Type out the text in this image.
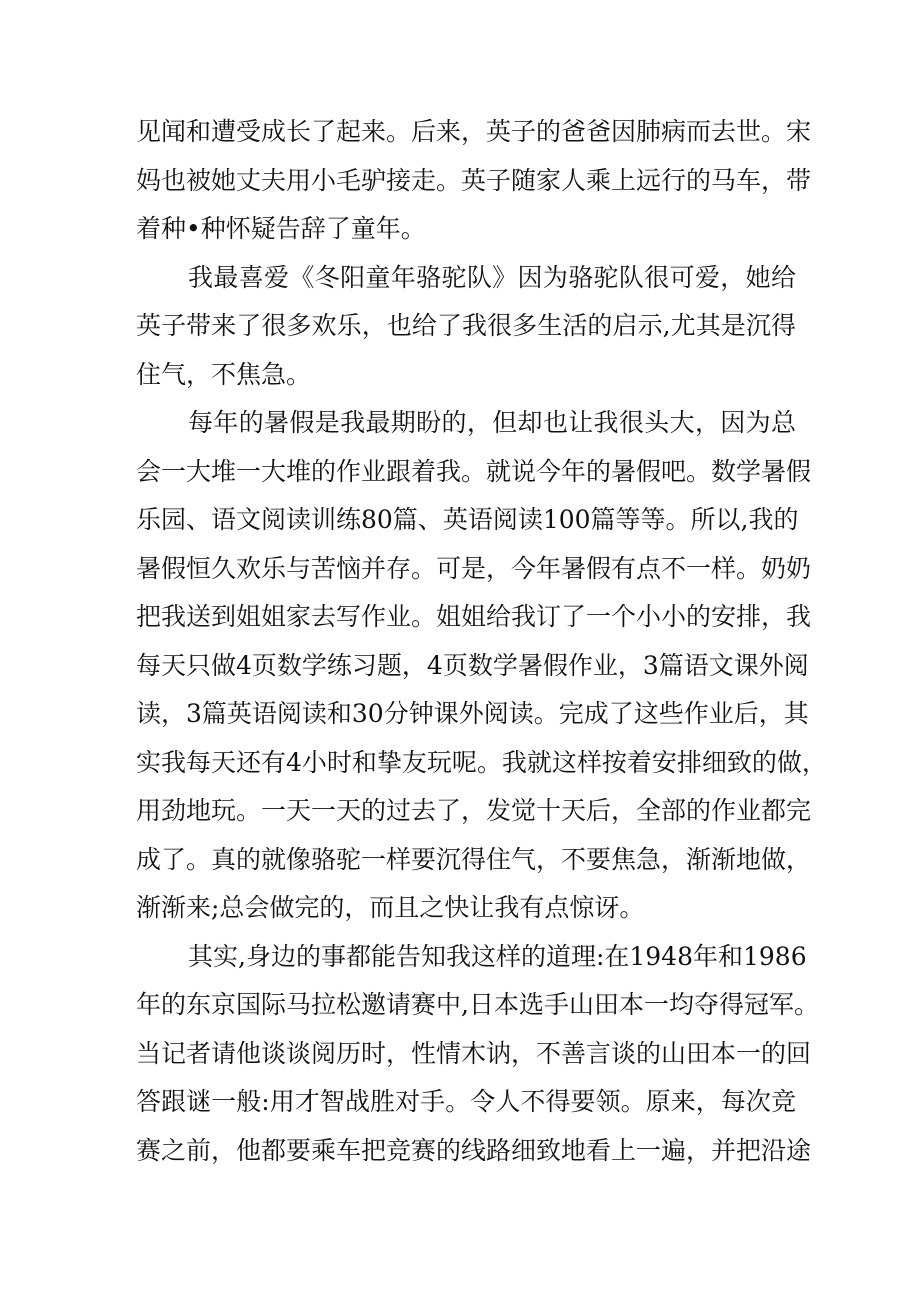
见闻和遭受成长了起来。后来，英子的爸爸因肺病而去世。宋
妈也被她丈夫用小毛驴接走。英子随家人乘上远行的马车，带
着种•种怀疑告辞了童年。
我最喜爱《冬阳童年骆驼队》因为骆驼队很可爱，她给
英子带来了很多欢乐，也给了我很多生活的启示,尤其是沉得
住气，不焦急。
每年的暑假是我最期盼的，但却也让我很头大，因为总
会一大堆一大堆的作业跟着我。就说今年的暑假吧。数学暑假
乐园、语文阅读训练80篇、英语阅读100篇等等。所以,我的
暑假恒久欢乐与苦恼并存。可是，今年暑假有点不一样。奶奶
把我送到姐姐家去写作业。姐姐给我订了一个小小的安排，我
每天只做4页数学练习题，4页数学暑假作业，3篇语文课外阅
读，3篇英语阅读和30分钟课外阅读。完成了这些作业后，其
实我每天还有4小时和挚友玩呢。我就这样按着安排细致的做，
用劲地玩。一天一天的过去了，发觉十天后，全部的作业都完
成了。真的就像骆驼一样要沉得住气，不要焦急，渐渐地做，
渐渐来;总会做完的，而且之快让我有点惊讶。
其实,身边的事都能告知我这样的道理:在1948年和1986
年的东京国际马拉松邀请赛中,日本选手山田本一均夺得冠军。
当记者请他谈谈阅历时，性情木讷，不善言谈的山田本一的回
答跟谜一般:用才智战胜对手。令人不得要领。原来，每次竞
赛之前，他都要乘车把竞赛的线路细致地看上一遍，并把沿途
